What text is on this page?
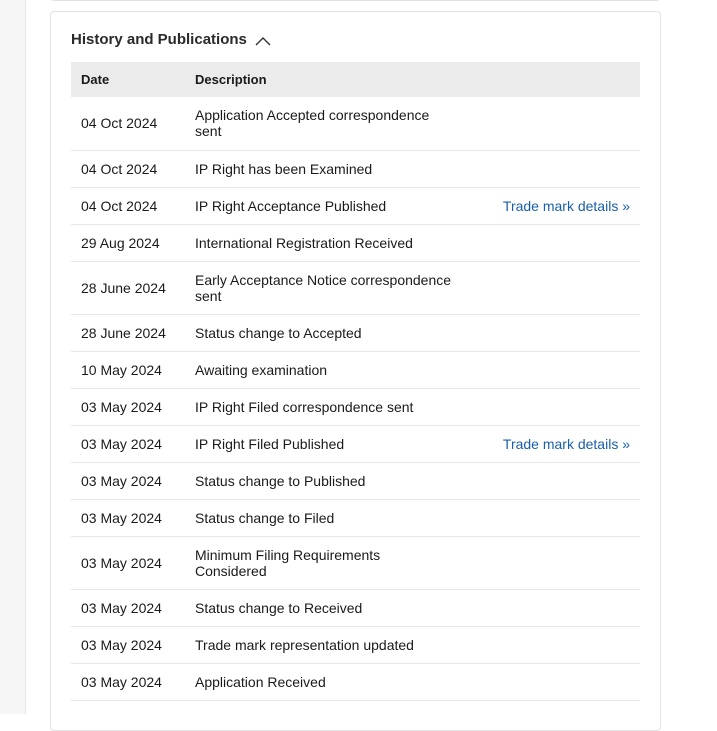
History and Publications
Date	Description	
04 Oct 2024	Application Accepted correspondence sent	
04 Oct 2024	IP Right has been Examined	
04 Oct 2024	IP Right Acceptance Published	Trade mark details »
29 Aug 2024	International Registration Received	
28 June 2024	Early Acceptance Notice correspondence sent	
28 June 2024	Status change to Accepted	
10 May 2024	Awaiting examination	
03 May 2024	IP Right Filed correspondence sent	
03 May 2024	IP Right Filed Published	Trade mark details »
03 May 2024	Status change to Published	
03 May 2024	Status change to Filed	
03 May 2024	Minimum Filing Requirements Considered	
03 May 2024	Status change to Received	
03 May 2024	Trade mark representation updated	
03 May 2024	Application Received	
